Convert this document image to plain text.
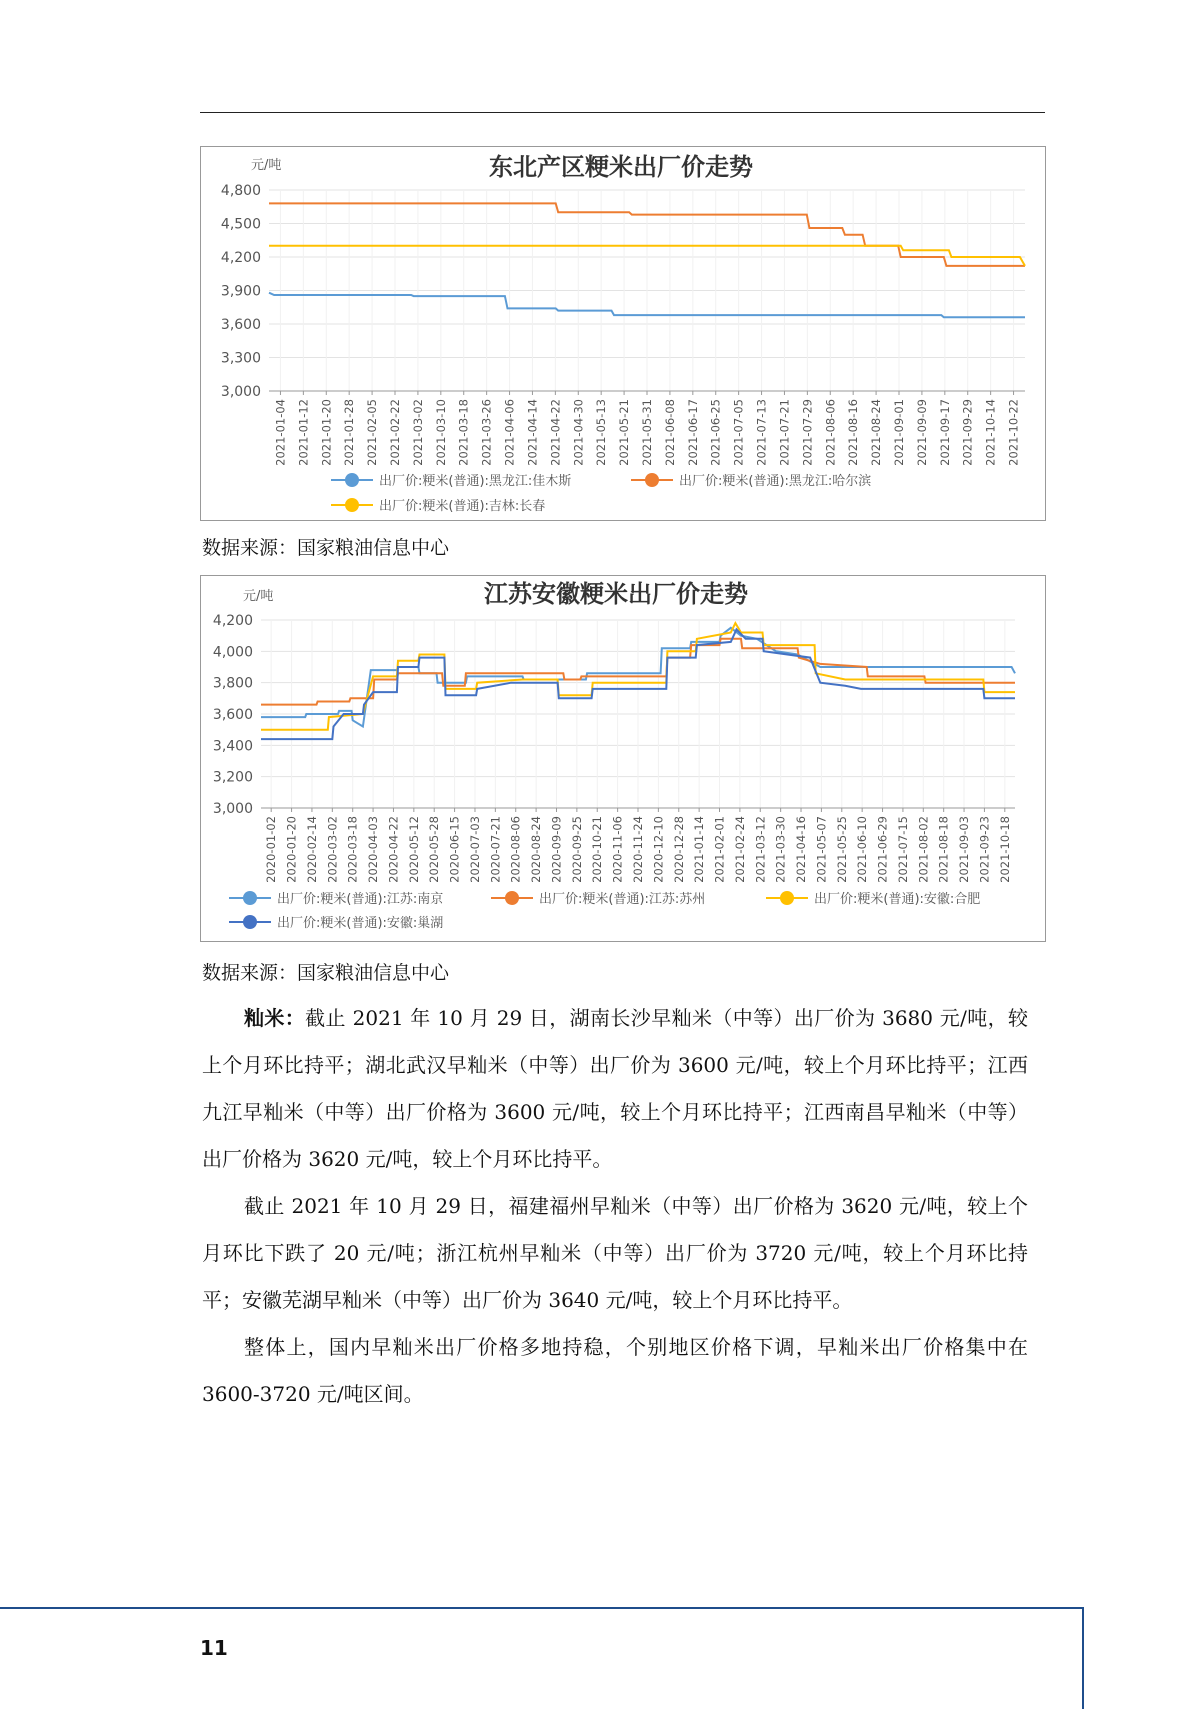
东北产区粳米出厂价走势
元/吨
3,000
3,300
3,600
3,900
4,200
4,500
4,800
2021-01-04 2021-01-12 2021-01-20 2021-01-28 2021-02-05 2021-02-22 2021-03-02 2021-03-10 2021-03-18 2021-03-26 2021-04-06 2021-04-14 2021-04-22 2021-04-30 2021-05-13 2021-05-21 2021-05-31 2021-06-08 2021-06-17 2021-06-25 2021-07-05 2021-07-13 2021-07-21 2021-07-29 2021-08-06 2021-08-16 2021-08-24 2021-09-01 2021-09-09 2021-09-17 2021-09-29 2021-10-14 2021-10-22
出厂价:粳米(普通):黑龙江:佳木斯	出厂价:粳米(普通):黑龙江:哈尔滨
出厂价:粳米(普通):吉林:长春
数据来源：国家粮油信息中心
江苏安徽粳米出厂价走势
元/吨
3,000
3,200
3,400
3,600
3,800
4,000
4,200
2020-01-02 2020-01-20 2020-02-14 2020-03-02 2020-03-18 2020-04-03 2020-04-22 2020-05-12 2020-05-28 2020-06-15 2020-07-03 2020-07-21 2020-08-06 2020-08-24 2020-09-09 2020-09-25 2020-10-21 2020-11-06 2020-11-24 2020-12-10 2020-12-28 2021-01-14 2021-02-01 2021-02-24 2021-03-12 2021-03-30 2021-04-16 2021-05-07 2021-05-25 2021-06-10 2021-06-29 2021-07-15 2021-08-02 2021-08-18 2021-09-03 2021-09-23 2021-10-18
出厂价:粳米(普通):江苏:南京	出厂价:粳米(普通):江苏:苏州	出厂价:粳米(普通):安徽:合肥
出厂价:粳米(普通):安徽:巢湖
数据来源：国家粮油信息中心
籼米：截止 2021 年 10 月 29 日，湖南长沙早籼米（中等）出厂价为 3680 元/吨，较上个月环比持平；湖北武汉早籼米（中等）出厂价为 3600 元/吨，较上个月环比持平；江西九江早籼米（中等）出厂价格为 3600 元/吨，较上个月环比持平；江西南昌早籼米（中等）出厂价格为 3620 元/吨，较上个月环比持平。
截止 2021 年 10 月 29 日，福建福州早籼米（中等）出厂价格为 3620 元/吨，较上个月环比下跌了 20 元/吨；浙江杭州早籼米（中等）出厂价为 3720 元/吨，较上个月环比持平；安徽芜湖早籼米（中等）出厂价为 3640 元/吨，较上个月环比持平。
整体上，国内早籼米出厂价格多地持稳，个别地区价格下调，早籼米出厂价格集中在 3600-3720 元/吨区间。
11
